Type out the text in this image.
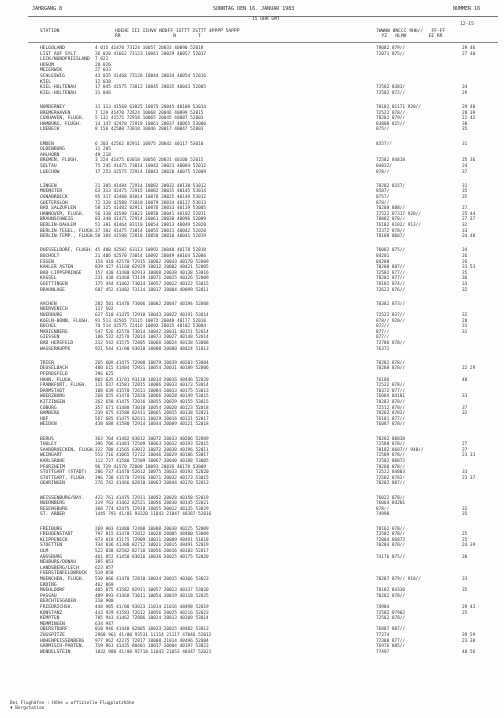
JAHRGANG 8	SONNTAG DEN 16. JANUAR 1983	NUMMER 16
15 UHR GMT
12-15
STATION	HOEHE III IIHVV NDDFF 1STTT 2STTT 4PPPP 5APPP
RR                   N        T
7WWWW 8NCCC 9HH//   FF-FF
YZ   HLMH        EE RR
HELGOLAND	4 015 41470 73124 10057 20033 40090 52018	78082 879//	29 46
LIST AUF SYLT	26 020 41662 73123 10041 20029 40057 52017	72071 875//	27 40
LECK/NORDFRIESLAND 7 022
HUSUM	28 026
MEIERWIK	27 033
SCHLESWIG	43 035 41468 73120 10044 20034 40054 52016
KIEL	12 038
KIEL-HOLTENAU	17 045 41575 73012 10045 20035 40043 52005	72582 8383/	34
KIEL-HOLTENAU	31 046	72582 872//	29
NORDERNEY	11 113 41560 63025 10075 20045 40108 53014	70182 81171 920//	29 40
BREMERHAVEN	7 129 41470 72824 10068 20046 40099 52015	72522 878//	28 39
CUXHAVEN, FLUGH. 5 131 41575 72918 10065 20045 40087 52003	70282 879//	22 42
HAMBURG, FLUGH.	14 147 42470 72918 10061 20037 40065 53000	83808 815//	30
LUEBECK	8 156 42580 73018 10046 20017 40047 52003	875//	35
EMDEN	6 203 42562 82911 10075 20042 40117 53010	8357//	31
OLDENBURG	11 205
AHLHORN	49 218
BREMEN, FLUGH.	3 224 41475 63018 10056 20031 40100 52015	72582 84818	25 36
SOLTAU	75 245 41475 73014 10042 20023 40084 52012	84832/	24
LUECHOW	17 253 42575 72914 10043 20028 40075 52009	878//	37
LINGEN	21 305 41484 72914 10082 20032 40138 53012	70282 8157/	31
MUENSTER	63 313 42475 72915 10082 20035 40145 53014	8587/	35
OSNABRUECK	95 317 42480 83014 10078 20025 40149 53012	8757/	35
GUETERSLOH	72 320 42580 73018 10079 20034 40137 53013	878//
BAD SALZUFLEN	58 325 41482 82911 10076 20033 40119 53005	70288 888//	27
HANNOVER, FLUGH. 56 338 41580 73023 10058 20041 40102 52011	72522 87317 920//	25 44
BRAUNSCHWEIG	83 348 41475 72914 10061 20030 40096 52009	78082 878//	27 37
BERLIN-DAHLEM	51 381 41464 83110 10054 20013 40049 52020	76182 8182/ 913//	32
BERLIN-TEGEL, FLUGH. 37 382 41475 73014 10055 20011 40042 52020	72372 878//	33
BERLIN-TEMP., FLUGH. 50 384 41580 72818 10058 20010 40041 52019	70188 8687/	24 40
DUESSELDORF, FLUGH. 45 400 42582 63113 10092 20040 40178 52010	76082 875//	34
BOCHOLT	21 406 42570 73014 10092 20049 40164 52006	84201	26
ESSEN	154 410 42570 72915 10082 20043 40170 52009	84208	26
KAHLER ASTEN	839 427 41160 82929 10012 20002 48421 52005	70288 887//	33 53
BAD LIPPSPRINGE	157 430 41480 82913 10068 20038 40138 53016	72582 877//	35
KASSEL	231 438 41468 73119 10071 20015 40126 52009	70282 877//	36
GOETTINGEN	175 444 41462 73014 10057 20022 40122 53015	78182 874//	33
BRAUNLAGE	607 452 41482 73114 10017 20004 40099 52011	72622 876//	32
AACHEN	202 501 41470 73006 10082 20047 40194 52008	70382 873//
NOERVENICH	117 502
NUERBURG	627 510 41375 72910 10043 20022 40191 53014	72522 837//	32
KOELN-BONN, FLUGH. 91 513 42565 73115 10072 20040 40177 52010	878// 920//	28
BUCHEL	70 514 42575 72416 10092 20035 40182 53004	872//	31
MARIENBERG	547 526 42570 73014 10042 20031 40151 52014	877//	31
GIESSEN	186 532 42570 72014 10073 20027 40148 52014	877//
BAD HERSFELD	212 542 41575 72805 10068 20024 40138 53008	72786 878//
WASSERKUPPE	921 544 41/00 93010 10000 20000 48424 51013	76372
TRIER	265 609 41475 72908 10079 20039 40203 53004	70282 878//
DEUSELBACH	480 615 41484 72921 10054 20031 40189 52006	70288 878//	22 29
PFERDSFELD	396 625
HAHN, FLUGH.	805 635 41/01 93118 10014 20016 48446 52020	76186	48
FRANKFURT, FLUGH. 111 637 41581 72815 10086 20033 40173 53014	72522 878//
DARMSTADT	108 639 41570 72611 10084 20033 40175 53013	70372 877//
WUERZBURG	268 655 41470 72820 10066 20028 40149 53015	76084 84101	33
KITZINGEN	262 658 41475 72016 10055 20029 40155 53015	70282 878//
COBURG	357 671 41480 73010 10054 20020 40123 52018	72512 878//	37
BAMBERG	239 675 41580 82411 10065 20015 40138 52021	70282 8782/	32
HOF	567 685 41475 82611 10029 20016 40131 52017	76181 877//
WEIDEN	438 688 41580 72914 10044 20009 40121 52018	76087 878//
BERUS	363 704 41482 83012 10072 20033 40206 52009	70282 86830
THOLEY	396 706 41481 72509 10063 20032 40193 52015	72588 878//	27
SAARBRUECKEN, FLUGH. 322 708 41565 63012 10072 20030 40196 52011	70182 8687// 940//	27
WEINGART	553 716 41065 72722 10046 20029 40186 53017	72589 878//	23 33
KARLSRUHE	112 727 41580 72509 10067 20040 40188 53005	72582 86872
PFORZHEIM	96 729 41570 72808 10091 20036 40178 53009	70288 878//
STUTTGART (STADT) 286 737 41470 52612 10075 20033 40193 52020	72522 84803	33
STUTTGART, FLUGH. 396 738 41570 72916 10071 20032 40173 53015	72582 8782/	23 37
OEHRINGEN	276 742 41466 82810 10063 20044 40170 52013	70282 887//
WEISSENBURG/BAY. 422 761 41475 72911 10052 20028 40158 52019	76022 878//
NUERNBERG	319 763 41462 82521 10056 20030 40145 52021	76064 84201
REGENSBURG	366 774 42475 72918 10055 20012 40135 53029	878//	32
ST. ARBER	1445 791 41/01 93220 11042 21047 48387 52016	74998	35
FREIBURG	269 803 41480 72408 10088 20030 40225 52009	70162 878//
FREUDENSTADT	797 815 41470 72812 10028 20005 48480 53009	72582 878//	25
KLIPPENECK	973 818 41175 72909 10011 20009 48491 51018	72084 86872	25
STOETTEN	734 836 41380 82712 10021 20015 48491 52019	70284 878//	24 39
ULM	522 838 42582 82710 10056 20016 40183 52017
AUGSBURG	461 852 41458 83016 10036 20025 40175 52020	74176 875//	30
NEUBURG/DONAU	385 853
LANDSBERG/LECH	623 857
FUERSTENFELDBRUCK 519 858
MUENCHEN, FLUGH. 530 866 41470 72810 10034 20015 40166 53023	70287 879// 910//	33
ERDING	462 869
MUEHLDORF	405 875 41582 82911 10057 20023 40137 53020	70182 84330	35
PASSAU	409 893 41468 73011 10054 20019 40118 52025	70282 878//
BERCHTESGADEN	218 900
FRIEDRICHSH.	448 905 41/00 93023 11014 21016 48498 52019	74984	29 43
KONSTANZ	443 929 41583 72612 10056 20025 40216 52023	72582 87902	25
KEMPTEN	705 943 41462 72806 10024 20013 40209 53014	72582 878//
MEMMINGEN	634 947
OBERSTDORF	810 946 41440 82805 10023 20015 48482 53013	76887 887//
ZUGSPITZE	2960 961 41/00 93531 11114 21117 47046 52012	77274	39 59
HOHENPEISSENBERG 977 962 42275 72817 10008 21014 48496 52004	72388 877//	23 38
GARMISCH-PARTEN. 719 963 41435 80401 10017 20004 40197 53023	76976 885//
WENDELSTEIN	1832 980 41/00 92718 11043 21053 48447 52021	77497	40 56
Bei Flughäfen : Höhe = offizielle Flugplatzhöhe
♦ Bergstation
